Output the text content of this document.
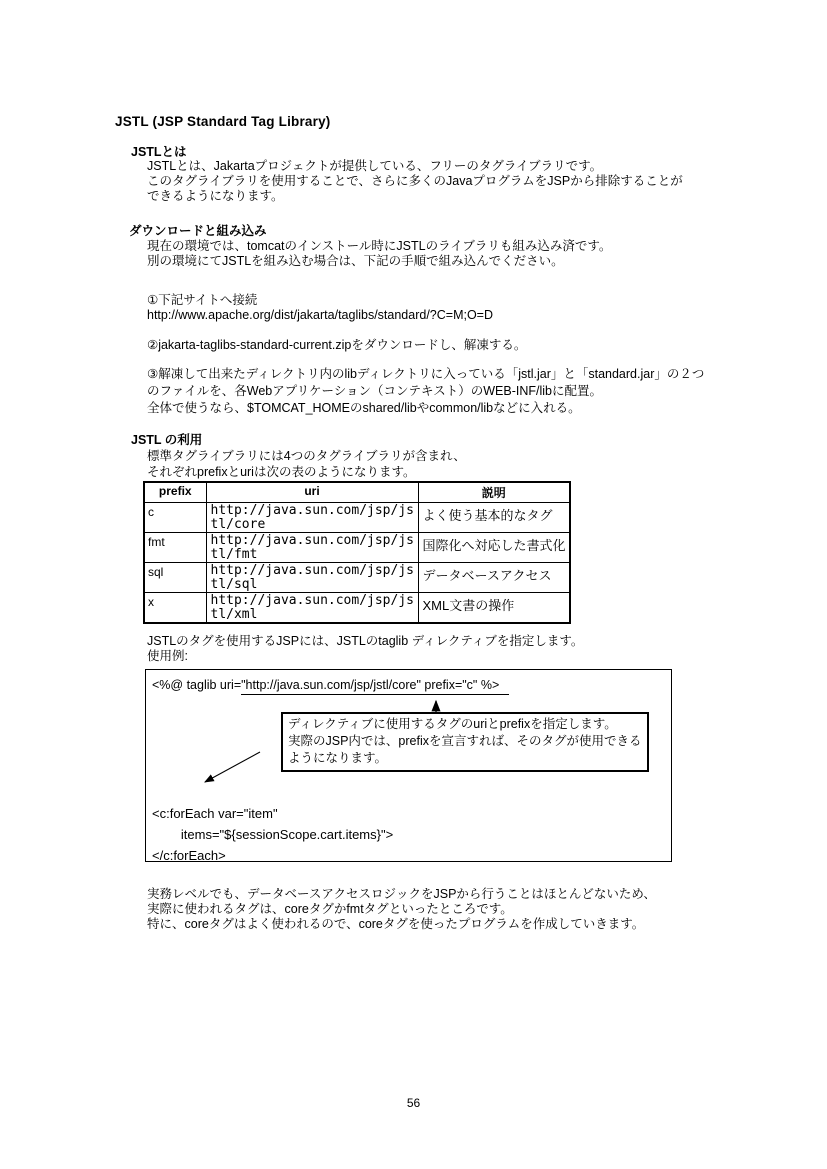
JSTL (JSP Standard Tag Library)
JSTLとは
JSTLとは、Jakartaプロジェクトが提供している、フリーのタグライブラリです。
このタグライブラリを使用することで、さらに多くのJavaプログラムをJSPから排除することが
できるようになります。
ダウンロードと組み込み
現在の環境では、tomcatのインストール時にJSTLのライブラリも組み込み済です。
別の環境にてJSTLを組み込む場合は、下記の手順で組み込んでください。
①下記サイトへ接続
http://www.apache.org/dist/jakarta/taglibs/standard/?C=M;O=D
②jakarta-taglibs-standard-current.zipをダウンロードし、解凍する。
③解凍して出来たディレクトリ内のlibディレクトリに入っている「jstl.jar」と「standard.jar」の２つ
のファイルを、各Webアプリケーション（コンテキスト）のWEB-INF/libに配置。
全体で使うなら、$TOMCAT_HOMEのshared/libやcommon/libなどに入れる。
JSTL の利用
標準タグライブラリには4つのタグライブラリが含まれ、
それぞれprefixとuriは次の表のようになります。
prefix	uri	説明
c	http://java.sun.com/jsp/jstl/core	よく使う基本的なタグ
fmt	http://java.sun.com/jsp/jstl/fmt	国際化へ対応した書式化
sql	http://java.sun.com/jsp/jstl/sql	データベースアクセス
x	http://java.sun.com/jsp/jstl/xml	XML文書の操作
JSTLのタグを使用するJSPには、JSTLのtaglib ディレクティブを指定します。
使用例:
<%@ taglib uri="http://java.sun.com/jsp/jstl/core" prefix="c" %>
ディレクティブに使用するタグのuriとprefixを指定します。
実際のJSP内では、prefixを宣言すれば、そのタグが使用できる
ようになります。
<c:forEach var="item"
items="${sessionScope.cart.items}">
</c:forEach>
実務レベルでも、データベースアクセスロジックをJSPから行うことはほとんどないため、
実際に使われるタグは、coreタグかfmtタグといったところです。
特に、coreタグはよく使われるので、coreタグを使ったプログラムを作成していきます。
56
